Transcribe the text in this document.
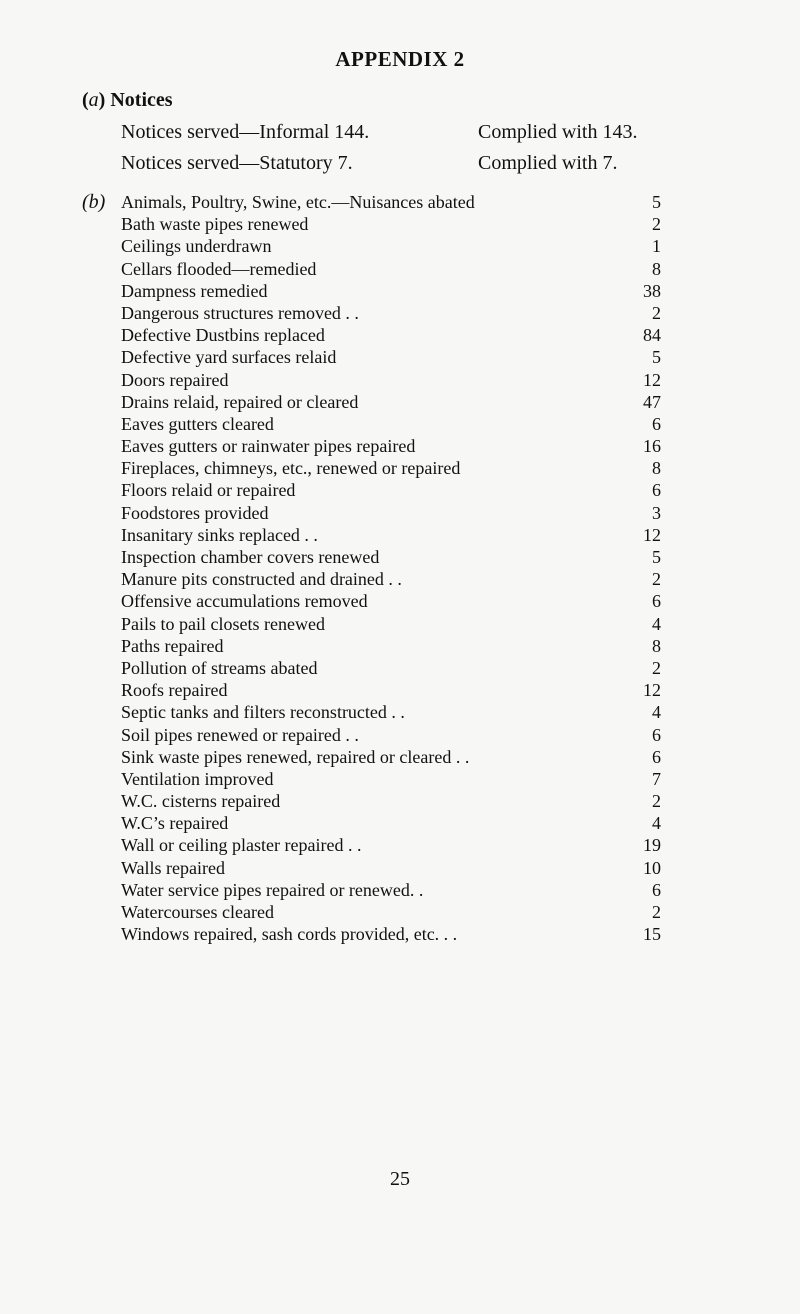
APPENDIX 2
(a) Notices
Notices served—Informal 144.	Complied with 143.
Notices served—Statutory 7.	Complied with 7.
(b) Animals, Poultry, Swine, etc.—Nuisances abated	5
Bath waste pipes renewed	2
Ceilings underdrawn	1
Cellars flooded—remedied	8
Dampness remedied	38
Dangerous structures removed . .	2
Defective Dustbins replaced	84
Defective yard surfaces relaid	5
Doors repaired	12
Drains relaid, repaired or cleared	47
Eaves gutters cleared	6
Eaves gutters or rainwater pipes repaired	16
Fireplaces, chimneys, etc., renewed or repaired	8
Floors relaid or repaired	6
Foodstores provided	3
Insanitary sinks replaced . .	12
Inspection chamber covers renewed	5
Manure pits constructed and drained . .	2
Offensive accumulations removed	6
Pails to pail closets renewed	4
Paths repaired	8
Pollution of streams abated	2
Roofs repaired	12
Septic tanks and filters reconstructed . .	4
Soil pipes renewed or repaired . .	6
Sink waste pipes renewed, repaired or cleared . .	6
Ventilation improved	7
W.C. cisterns repaired	2
W.C’s repaired	4
Wall or ceiling plaster repaired . .	19
Walls repaired	10
Water service pipes repaired or renewed. .	6
Watercourses cleared	2
Windows repaired, sash cords provided, etc. . .	15
25
